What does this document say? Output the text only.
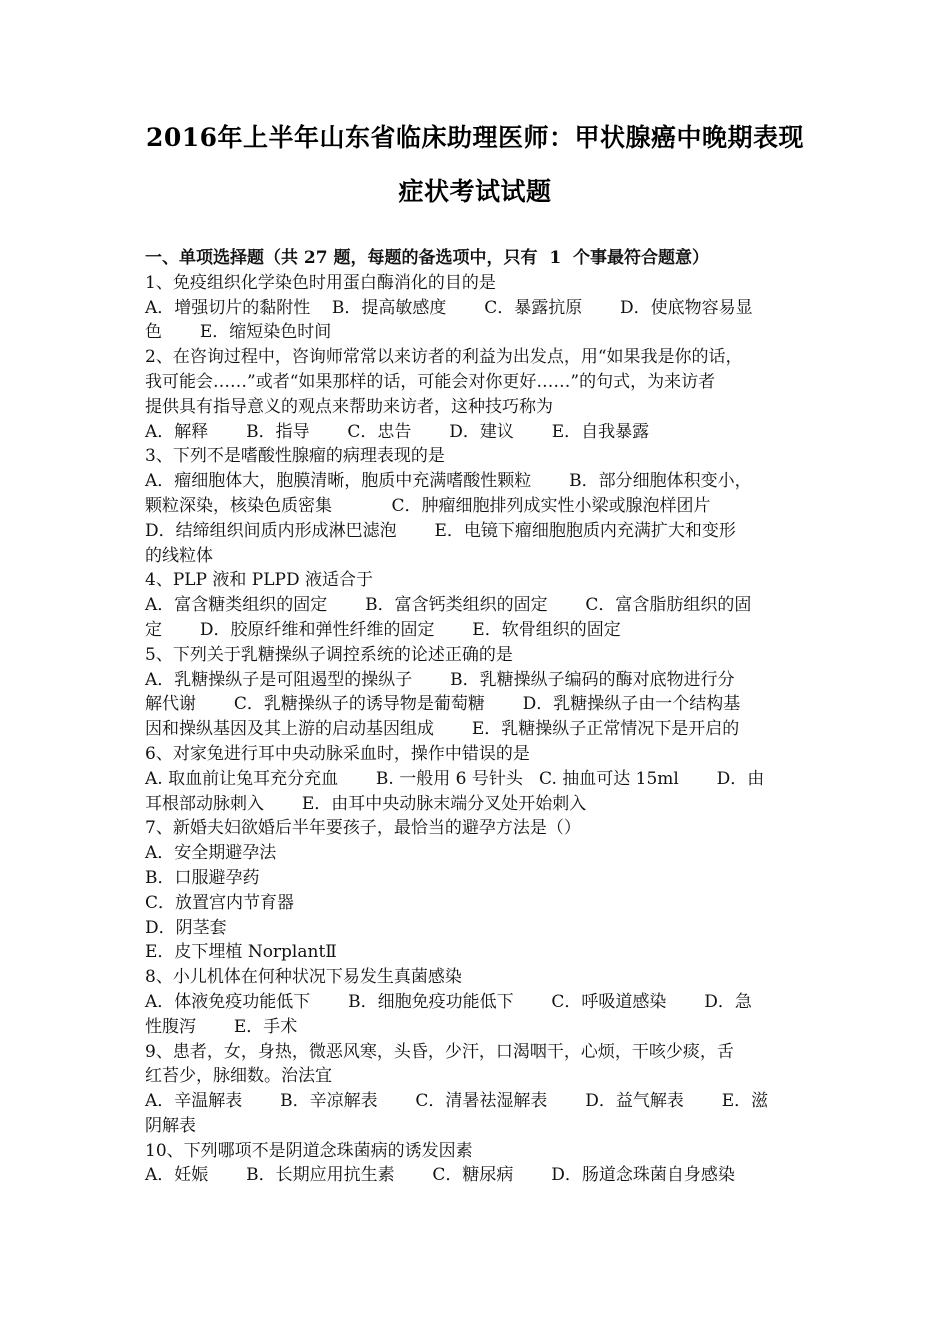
2016年上半年山东省临床助理医师：甲状腺癌中晚期表现
症状考试试题
一、单项选择题（共 27 题，每题的备选项中，只有  1  个事最符合题意）
1、免疫组织化学染色时用蛋白酶消化的目的是
A．增强切片的黏附性    B．提高敏感度       C．暴露抗原       D．使底物容易显
色       E．缩短染色时间
2、在咨询过程中，咨询师常常以来访者的利益为出发点，用“如果我是你的话，
我可能会……”或者“如果那样的话，可能会对你更好……”的句式，为来访者
提供具有指导意义的观点来帮助来访者，这种技巧称为
A．解释       B．指导       C．忠告       D．建议       E．自我暴露
3、下列不是嗜酸性腺瘤的病理表现的是
A．瘤细胞体大，胞膜清晰，胞质中充满嗜酸性颗粒       B．部分细胞体积变小，
颗粒深染，核染色质密集           C．肿瘤细胞排列成实性小梁或腺泡样团片
D．结缔组织间质内形成淋巴滤泡       E．电镜下瘤细胞胞质内充满扩大和变形
的线粒体
4、PLP 液和 PLPD 液适合于
A．富含糖类组织的固定       B．富含钙类组织的固定       C．富含脂肪组织的固
定       D．胶原纤维和弹性纤维的固定       E．软骨组织的固定
5、下列关于乳糖操纵子调控系统的论述正确的是
A．乳糖操纵子是可阻遏型的操纵子       B．乳糖操纵子编码的酶对底物进行分
解代谢       C．乳糖操纵子的诱导物是葡萄糖       D．乳糖操纵子由一个结构基
因和操纵基因及其上游的启动基因组成       E．乳糖操纵子正常情况下是开启的
6、对家兔进行耳中央动脉采血时，操作中错误的是
A. 取血前让兔耳充分充血       B. 一般用 6 号针头   C. 抽血可达 15ml       D．由
耳根部动脉刺入       E．由耳中央动脉末端分叉处开始刺入
7、新婚夫妇欲婚后半年要孩子，最恰当的避孕方法是（）
A．安全期避孕法
B．口服避孕药
C．放置宫内节育器
D．阴茎套
E．皮下埋植 NorplantⅡ
8、小儿机体在何种状况下易发生真菌感染
A．体液免疫功能低下       B．细胞免疫功能低下       C．呼吸道感染       D．急
性腹泻       E．手术
9、患者，女，身热，微恶风寒，头昏，少汗，口渴咽干，心烦，干咳少痰，舌
红苔少，脉细数。治法宜
A．辛温解表       B．辛凉解表       C．清暑祛湿解表       D．益气解表       E．滋
阴解表
10、下列哪项不是阴道念珠菌病的诱发因素
A．妊娠       B．长期应用抗生素       C．糖尿病       D．肠道念珠菌自身感染
